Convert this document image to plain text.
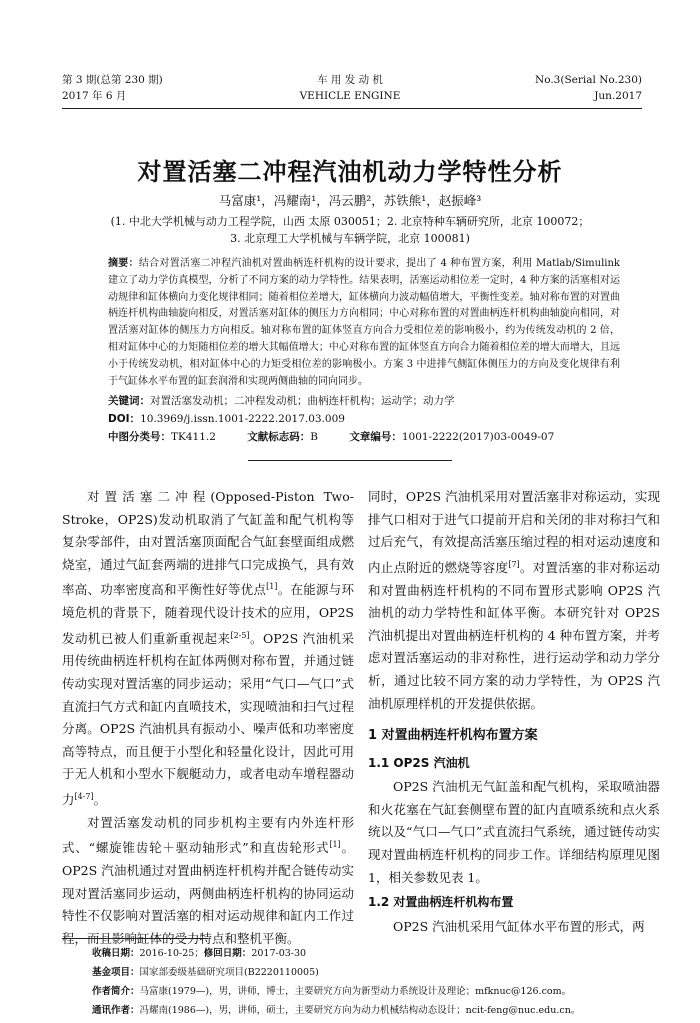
第 3 期(总第 230 期)
2017 年 6 月
车 用 发 动 机
VEHICLE ENGINE
No.3(Serial No.230)
Jun.2017
对置活塞二冲程汽油机动力学特性分析
马富康¹，冯耀南¹，冯云鹏²，苏铁熊¹，赵振峰³
(1. 中北大学机械与动力工程学院，山西 太原 030051；2. 北京特种车辆研究所，北京 100072；
3. 北京理工大学机械与车辆学院，北京 100081)
摘要：结合对置活塞二冲程汽油机对置曲柄连杆机构的设计要求，提出了 4 种布置方案，利用 Matlab/Simulink 建立了动力学仿真模型，分析了不同方案的动力学特性。结果表明，活塞运动相位差一定时，4 种方案的活塞相对运动规律和缸体横向力变化规律相同；随着相位差增大，缸体横向力波动幅值增大，平衡性变差。轴对称布置的对置曲柄连杆机构曲轴旋向相反，对置活塞对缸体的侧压力方向相同；中心对称布置的对置曲柄连杆机构曲轴旋向相同，对置活塞对缸体的侧压力方向相反。轴对称布置的缸体竖直方向合力受相位差的影响极小，约为传统发动机的 2 倍，相对缸体中心的力矩随相位差的增大其幅值增大；中心对称布置的缸体竖直方向合力随着相位差的增大而增大，且远小于传统发动机，相对缸体中心的力矩受相位差的影响极小。方案 3 中进排气侧缸体侧压力的方向及变化规律有利于气缸体水平布置的缸套润滑和实现两侧曲轴的同向同步。
关键词：对置活塞发动机；二冲程发动机；曲柄连杆机构；运动学；动力学
DOI：10.3969/j.issn.1001-2222.2017.03.009
中图分类号：TK411.2	文献标志码：B	文章编号：1001-2222(2017)03-0049-07

对置活塞二冲程(Opposed-Piston Two-Stroke，OP2S)发动机取消了气缸盖和配气机构等复杂零部件，由对置活塞顶面配合气缸套壁面组成燃烧室，通过气缸套两端的进排气口完成换气，具有效率高、功率密度高和平衡性好等优点[1]。在能源与环境危机的背景下，随着现代设计技术的应用，OP2S 发动机已被人们重新重视起来[2-5]。OP2S 汽油机采用传统曲柄连杆机构在缸体两侧对称布置，并通过链传动实现对置活塞的同步运动；采用“气口—气口”式直流扫气方式和缸内直喷技术，实现喷油和扫气过程分离。OP2S 汽油机具有振动小、噪声低和功率密度高等特点，而且便于小型化和轻量化设计，因此可用于无人机和小型水下舰艇动力，或者电动车增程器动力[4-7]。

对置活塞发动机的同步机构主要有内外连杆形式、“螺旋锥齿轮＋驱动轴形式”和直齿轮形式[1]。OP2S 汽油机通过对置曲柄连杆机构并配合链传动实现对置活塞同步运动，两侧曲柄连杆机构的协同运动特性不仅影响对置活塞的相对运动规律和缸内工作过程，而且影响缸体的受力特点和整机平衡。

同时，OP2S 汽油机采用对置活塞非对称运动，实现排气口相对于进气口提前开启和关闭的非对称扫气和过后充气，有效提高活塞压缩过程的相对运动速度和内止点附近的燃烧等容度[7]。对置活塞的非对称运动和对置曲柄连杆机构的不同布置形式影响 OP2S 汽油机的动力学特性和缸体平衡。本研究针对 OP2S 汽油机提出对置曲柄连杆机构的 4 种布置方案，并考虑对置活塞运动的非对称性，进行运动学和动力学分析，通过比较不同方案的动力学特性，为 OP2S 汽油机原理样机的开发提供依据。

1 对置曲柄连杆机构布置方案
1.1 OP2S 汽油机

OP2S 汽油机无气缸盖和配气机构，采取喷油器和火花塞在气缸套侧壁布置的缸内直喷系统和点火系统以及“气口—气口”式直流扫气系统，通过链传动实现对置曲柄连杆机构的同步工作。详细结构原理见图 1，相关参数见表 1。

1.2 对置曲柄连杆机构布置

OP2S 汽油机采用气缸体水平布置的形式，两

收稿日期：2016-10-25；修回日期：2017-03-30
基金项目：国家部委级基础研究项目(B2220110005)
作者简介：马富康(1979—)，男，讲师，博士，主要研究方向为新型动力系统设计及理论；mfknuc@126.com。
通讯作者：冯耀南(1986—)，男，讲师，硕士，主要研究方向为动力机械结构动态设计；ncit-feng@nuc.edu.cn。
